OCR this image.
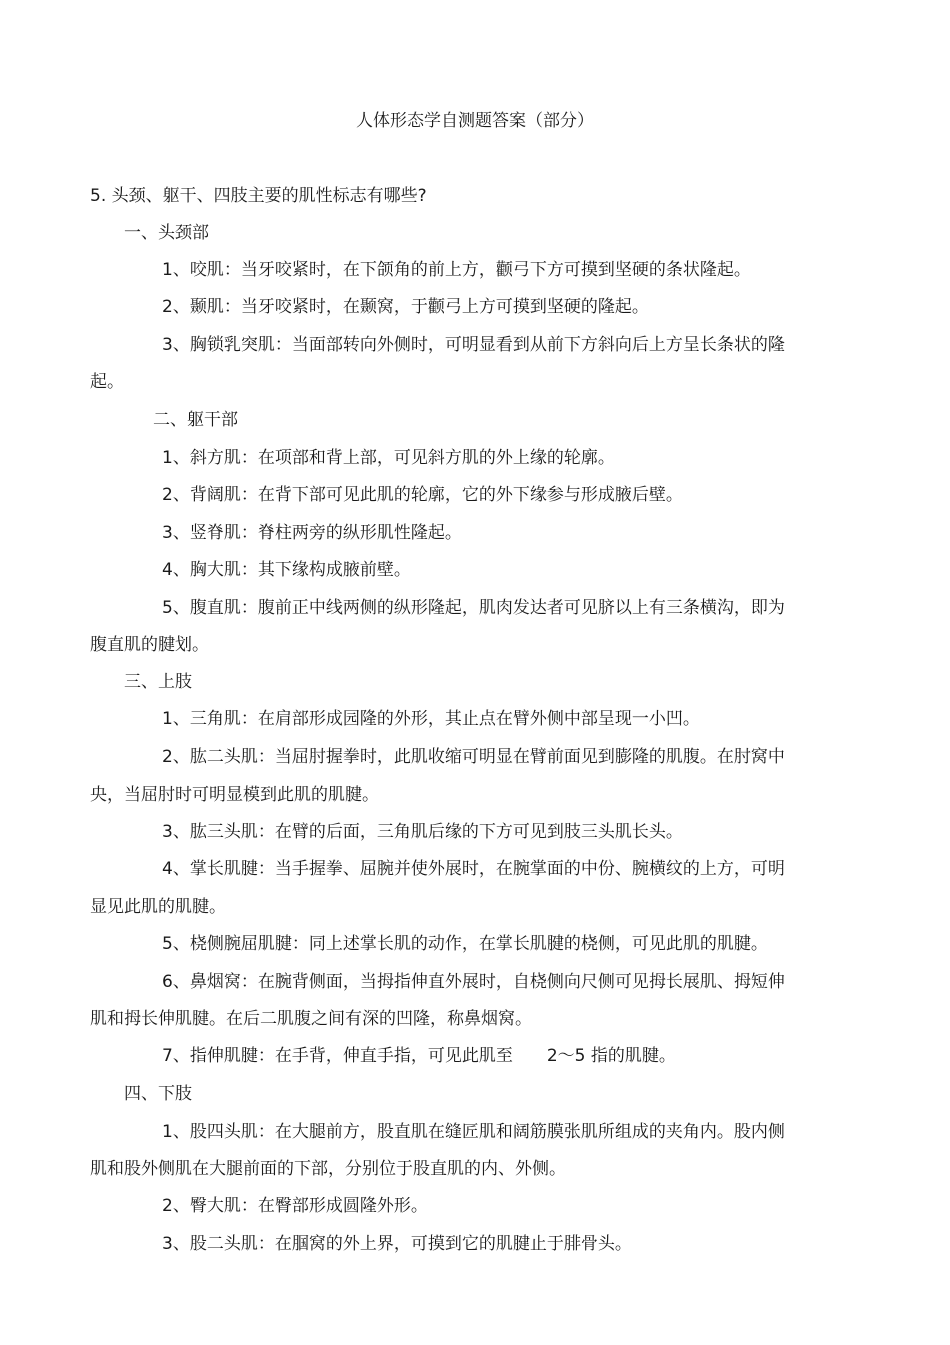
人体形态学自测题答案（部分）

5. 头颈、躯干、四肢主要的肌性标志有哪些?

一、头颈部

1、咬肌：当牙咬紧时，在下颌角的前上方，颧弓下方可摸到坚硬的条状隆起。

2、颞肌：当牙咬紧时，在颞窝，于颧弓上方可摸到坚硬的隆起。

3、胸锁乳突肌：当面部转向外侧时，可明显看到从前下方斜向后上方呈长条状的隆

起。

二、躯干部

1、斜方肌：在项部和背上部，可见斜方肌的外上缘的轮廓。

2、背阔肌：在背下部可见此肌的轮廓，它的外下缘参与形成腋后壁。

3、竖脊肌：脊柱两旁的纵形肌性隆起。

4、胸大肌：其下缘构成腋前壁。

5、腹直肌：腹前正中线两侧的纵形隆起，肌肉发达者可见脐以上有三条横沟，即为

腹直肌的腱划。

三、上肢

1、三角肌：在肩部形成园隆的外形，其止点在臂外侧中部呈现一小凹。

2、肱二头肌：当屈肘握拳时，此肌收缩可明显在臂前面见到膨隆的肌腹。在肘窝中

央，当屈肘时可明显模到此肌的肌腱。

3、肱三头肌：在臂的后面，三角肌后缘的下方可见到肢三头肌长头。

4、掌长肌腱：当手握拳、屈腕并使外展时，在腕掌面的中份、腕横纹的上方，可明

显见此肌的肌腱。

5、桡侧腕屈肌腱：同上述掌长肌的动作，在掌长肌腱的桡侧，可见此肌的肌腱。

6、鼻烟窝：在腕背侧面，当拇指伸直外展时，自桡侧向尺侧可见拇长展肌、拇短伸

肌和拇长伸肌腱。在后二肌腹之间有深的凹隆，称鼻烟窝。

7、指伸肌腱：在手背，伸直手指，可见此肌至 2～5 指的肌腱。

四、下肢

1、股四头肌：在大腿前方，股直肌在缝匠肌和阔筋膜张肌所组成的夹角内。股内侧

肌和股外侧肌在大腿前面的下部，分别位于股直肌的内、外侧。

2、臀大肌：在臀部形成圆隆外形。

3、股二头肌：在腘窝的外上界，可摸到它的肌腱止于腓骨头。
